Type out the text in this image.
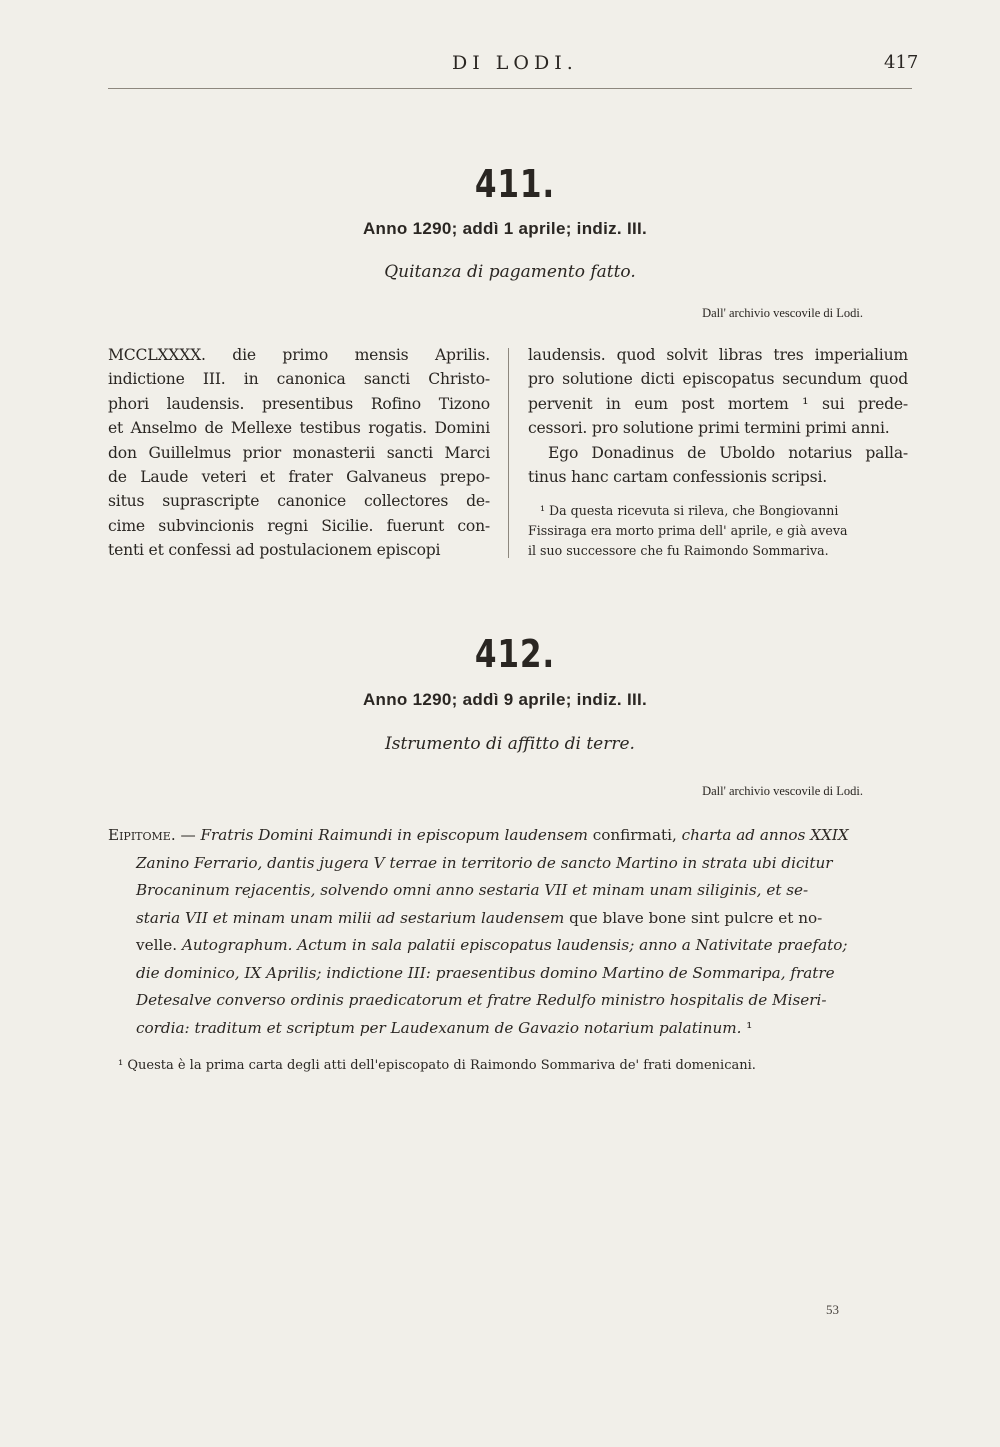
DI LODI.	417
411.
Anno 1290; addì 1 aprile; indiz. III.
Quitanza di pagamento fatto.
Dall' archivio vescovile di Lodi.
MCCLXXXX. die primo mensis Aprilis.
indictione III. in canonica sancti Christo-
phori laudensis. presentibus Rofino Tizono
et Anselmo de Mellexe testibus rogatis. Domini
don Guillelmus prior monasterii sancti Marci
de Laude veteri et frater Galvaneus prepo-
situs suprascripte canonice collectores de-
cime subvincionis regni Sicilie. fuerunt con-
tenti et confessi ad postulacionem episcopi
laudensis. quod solvit libras tres imperialium
pro solutione dicti episcopatus secundum quod
pervenit in eum post mortem ¹ sui prede-
cessori. pro solutione primi termini primi anni.
Ego Donadinus de Uboldo notarius palla-
tinus hanc cartam confessionis scripsi.
¹ Da questa ricevuta si rileva, che Bongiovanni
Fissiraga era morto prima dell' aprile, e già aveva
il suo successore che fu Raimondo Sommariva.
412.
Anno 1290; addì 9 aprile; indiz. III.
Istrumento di affitto di terre.
Dall' archivio vescovile di Lodi.
Eipitome. — Fratris Domini Raimundi in episcopum laudensem confirmati, charta ad annos XXIX
Zanino Ferrario, dantis jugera V terrae in territorio de sancto Martino in strata ubi dicitur
Brocaninum rejacentis, solvendo omni anno sestaria VII et minam unam siliginis, et se-
staria VII et minam unam milii ad sestarium laudensem que blave bone sint pulcre et no-
velle. Autographum. Actum in sala palatii episcopatus laudensis; anno a Nativitate praefato;
die dominico, IX Aprilis; indictione III: praesentibus domino Martino de Sommaripa, fratre
Detesalve converso ordinis praedicatorum et fratre Redulfo ministro hospitalis de Miseri-
cordia: traditum et scriptum per Laudexanum de Gavazio notarium palatinum. ¹
¹ Questa è la prima carta degli atti dell'episcopato di Raimondo Sommariva de' frati domenicani.
53
